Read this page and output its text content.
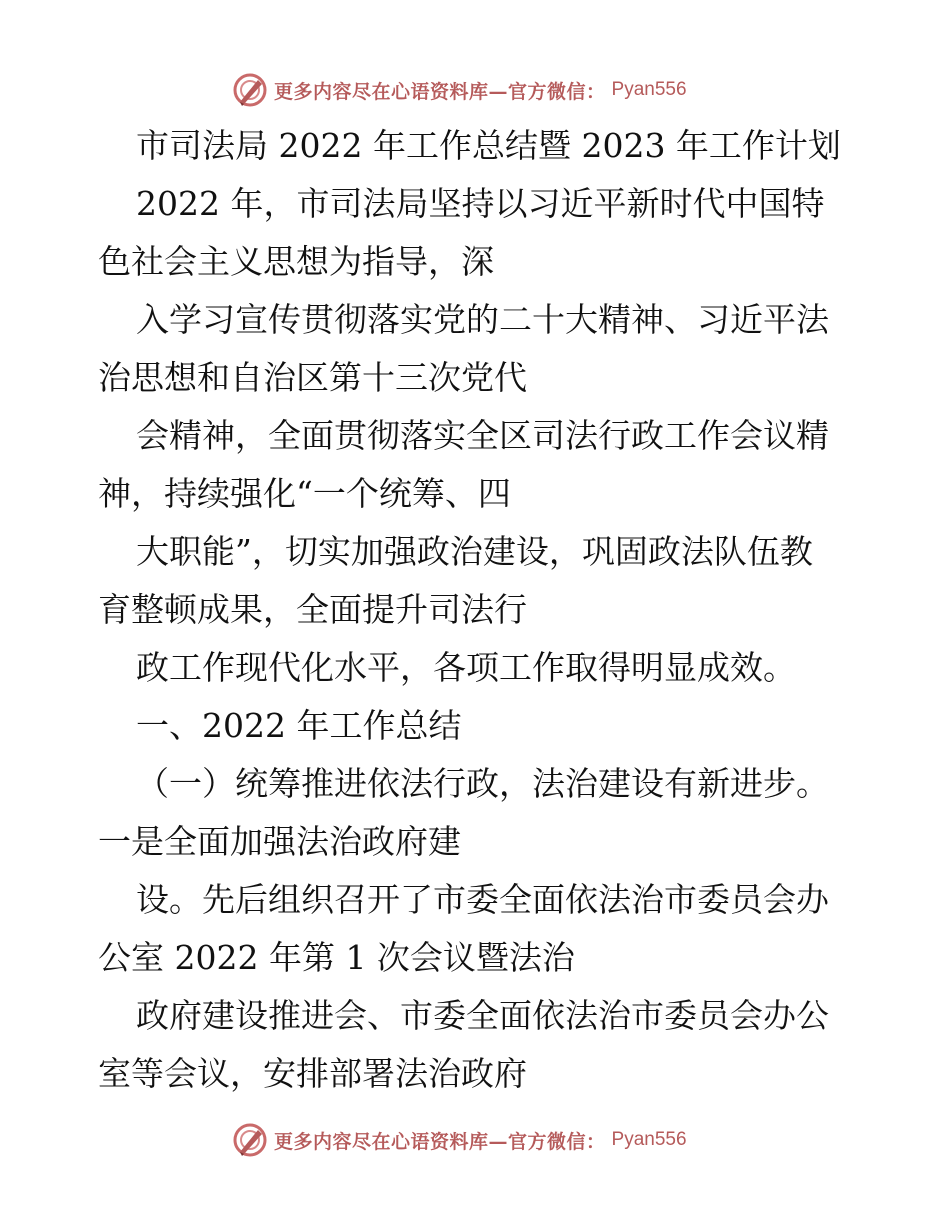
更多内容尽在心语资料库—官方微信： Pyan556
市司法局 2022 年工作总结暨 2023 年工作计划
2022 年，市司法局坚持以习近平新时代中国特
色社会主义思想为指导，深
入学习宣传贯彻落实党的二十大精神、习近平法
治思想和自治区第十三次党代
会精神，全面贯彻落实全区司法行政工作会议精
神，持续强化“一个统筹、四
大职能”，切实加强政治建设，巩固政法队伍教
育整顿成果，全面提升司法行
政工作现代化水平，各项工作取得明显成效。
一、2022 年工作总结
（一）统筹推进依法行政，法治建设有新进步。
一是全面加强法治政府建
设。先后组织召开了市委全面依法治市委员会办
公室 2022 年第 1 次会议暨法治
政府建设推进会、市委全面依法治市委员会办公
室等会议，安排部署法治政府
更多内容尽在心语资料库—官方微信： Pyan556
